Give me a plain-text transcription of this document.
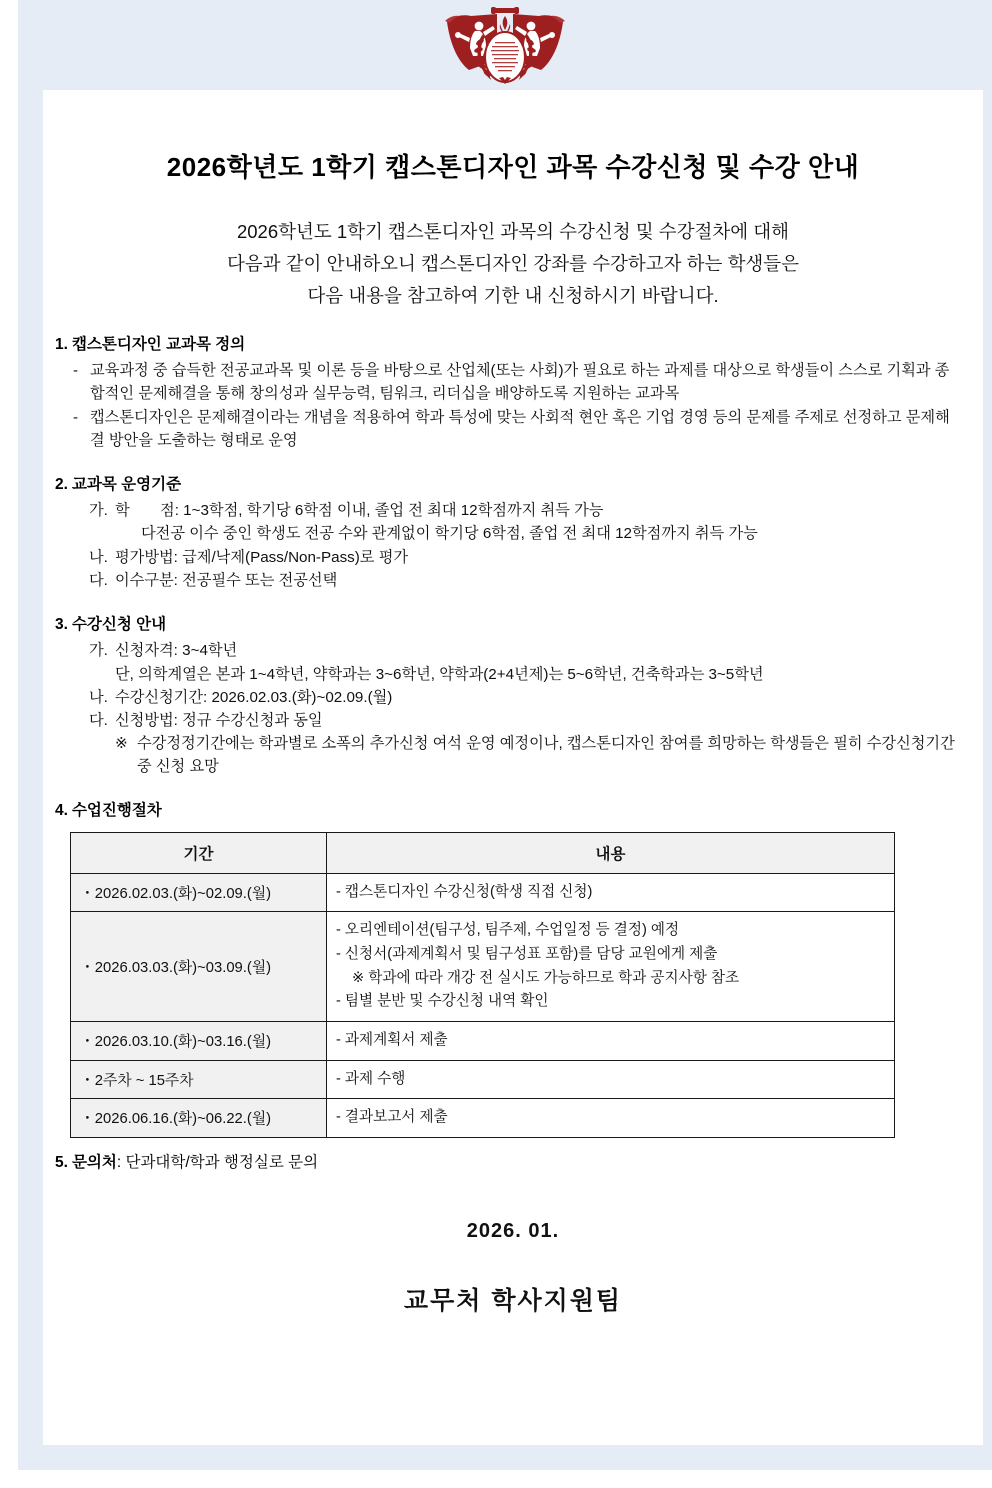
2026학년도 1학기 캡스톤디자인 과목 수강신청 및 수강 안내
2026학년도 1학기 캡스톤디자인 과목의 수강신청 및 수강절차에 대해
다음과 같이 안내하오니 캡스톤디자인 강좌를 수강하고자 하는 학생들은
다음 내용을 참고하여 기한 내 신청하시기 바랍니다.
1. 캡스톤디자인 교과목 정의
- 교육과정 중 습득한 전공교과목 및 이론 등을 바탕으로 산업체(또는 사회)가 필요로 하는 과제를 대상으로 학생들이 스스로 기획과 종합적인 문제해결을 통해 창의성과 실무능력, 팀워크, 리더십을 배양하도록 지원하는 교과목
- 캡스톤디자인은 문제해결이라는 개념을 적용하여 학과 특성에 맞는 사회적 현안 혹은 기업 경영 등의 문제를 주제로 선정하고 문제해결 방안을 도출하는 형태로 운영
2. 교과목 운영기준
가. 학　　점: 1~3학점, 학기당 6학점 이내, 졸업 전 최대 12학점까지 취득 가능
다전공 이수 중인 학생도 전공 수와 관계없이 학기당 6학점, 졸업 전 최대 12학점까지 취득 가능
나. 평가방법: 급제/낙제(Pass/Non-Pass)로 평가
다. 이수구분: 전공필수 또는 전공선택
3. 수강신청 안내
가. 신청자격: 3~4학년
단, 의학계열은 본과 1~4학년, 약학과는 3~6학년, 약학과(2+4년제)는 5~6학년, 건축학과는 3~5학년
나. 수강신청기간: 2026.02.03.(화)~02.09.(월)
다. 신청방법: 정규 수강신청과 동일
※ 수강정정기간에는 학과별로 소폭의 추가신청 여석 운영 예정이나, 캡스톤디자인 참여를 희망하는 학생들은 필히 수강신청기간 중 신청 요망
4. 수업진행절차
기간	내용
・2026.02.03.(화)~02.09.(월)	- 캡스톤디자인 수강신청(학생 직접 신청)

・2026.03.03.(화)~03.09.(월)	- 오리엔테이션(팀구성, 팀주제, 수업일정 등 결정) 예정
- 신청서(과제계획서 및 팀구성표 포함)를 담당 교원에게 제출
※ 학과에 따라 개강 전 실시도 가능하므로 학과 공지사항 참조
- 팀별 분반 및 수강신청 내역 확인

・2026.03.10.(화)~03.16.(월)	- 과제계획서 제출

・2주차 ~ 15주차	- 과제 수행

・2026.06.16.(화)~06.22.(월)	- 결과보고서 제출
5. 문의처: 단과대학/학과 행정실로 문의
2026. 01.
교무처 학사지원팀
